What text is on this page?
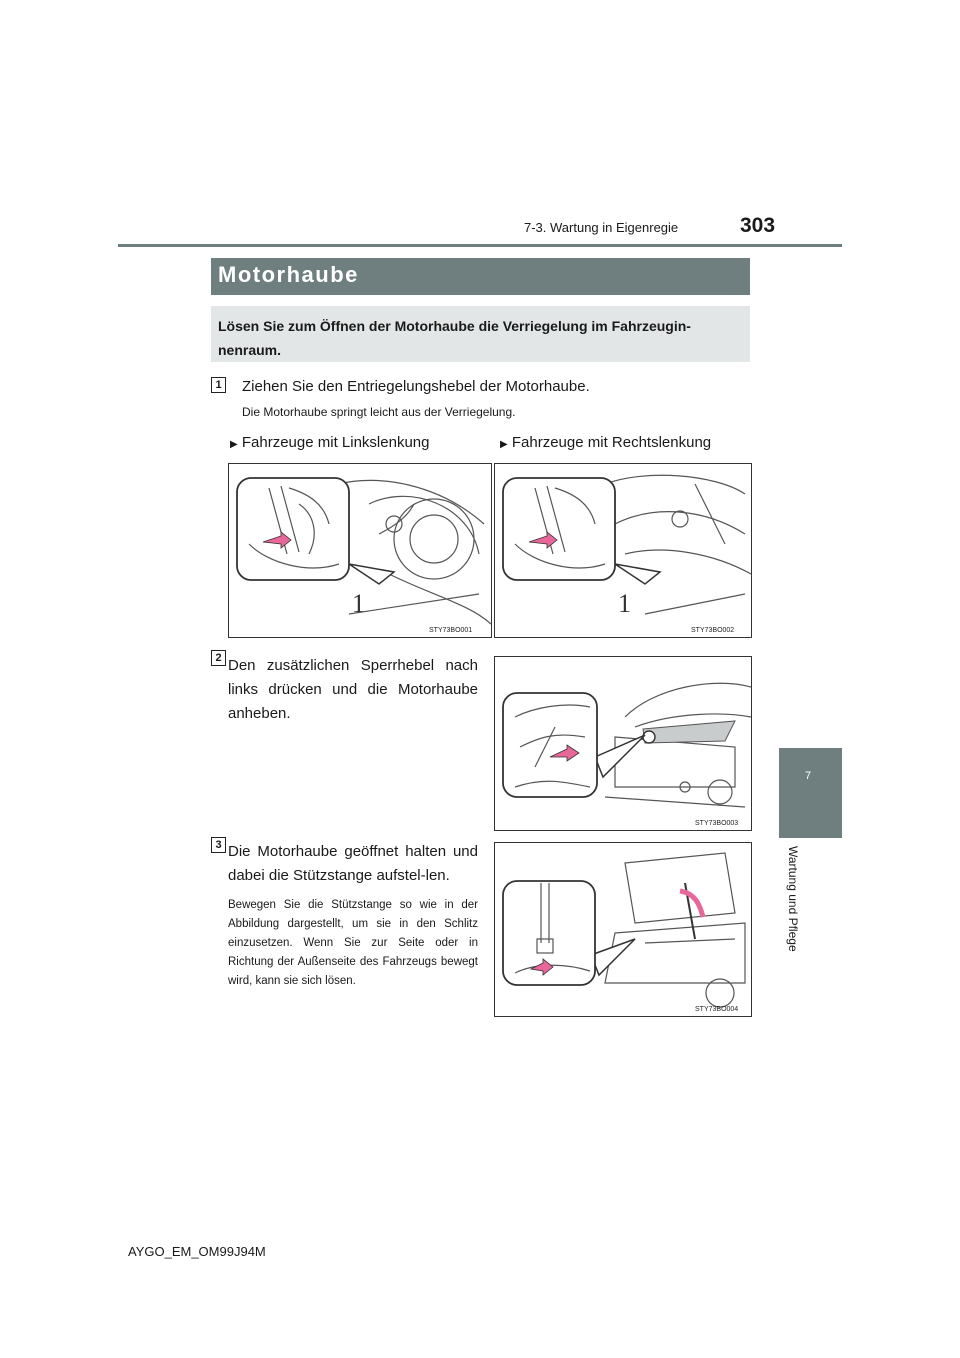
7-3. Wartung in Eigenregie	303
7
Wartung und Pflege
Motorhaube
Lösen Sie zum Öffnen der Motorhaube die Verriegelung im Fahrzeugin-nenraum.
1 Ziehen Sie den Entriegelungshebel der Motorhaube.
Die Motorhaube springt leicht aus der Verriegelung.
▶ Fahrzeuge mit Linkslenkung	▶ Fahrzeuge mit Rechtslenkung
1
STY73BO001
1
STY73BO002
2 Den zusätzlichen Sperrhebel nach links drücken und die Motorhaube anheben.
STY73BO003
3 Die Motorhaube geöffnet halten und dabei die Stützstange aufstel-len.
Bewegen Sie die Stützstange so wie in der Abbildung dargestellt, um sie in den Schlitz einzusetzen. Wenn Sie zur Seite oder in Richtung der Außenseite des Fahrzeugs bewegt wird, kann sie sich lösen.
STY73BO004
AYGO_EM_OM99J94M
